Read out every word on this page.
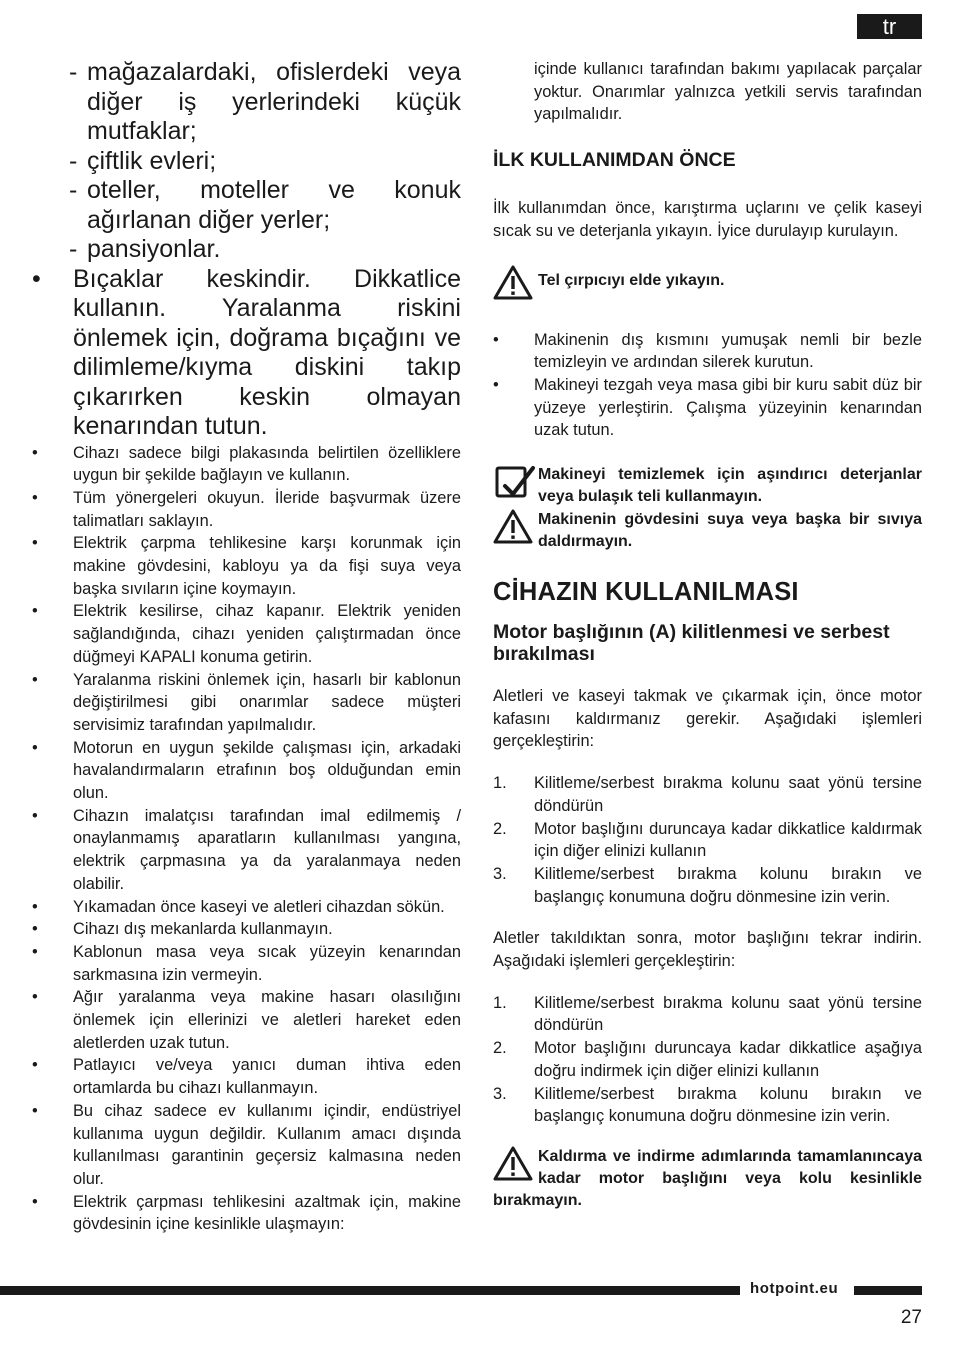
tr
- mağazalardaki, ofislerdeki veya diğer iş yerlerindeki küçük mutfaklar;
- çiftlik evleri;
- oteller, moteller ve konuk ağırlanan diğer yerler;
- pansiyonlar.
•	Bıçaklar keskindir. Dikkatlice kullanın. Yaralanma riskini önlemek için, doğrama bıçağını ve dilimleme/kıyma diskini takıp çıkarırken keskin olmayan kenarından tutun.
•	Cihazı sadece bilgi plakasında belirtilen özelliklere uygun bir şekilde bağlayın ve kullanın.
•	Tüm yönergeleri okuyun. İleride başvurmak üzere talimatları saklayın.
•	Elektrik çarpma tehlikesine karşı korunmak için makine gövdesini, kabloyu ya da fişi suya veya başka sıvıların içine koymayın.
•	Elektrik kesilirse, cihaz kapanır. Elektrik yeniden sağlandığında, cihazı yeniden çalıştırmadan önce düğmeyi KAPALI konuma getirin.
•	Yaralanma riskini önlemek için, hasarlı bir kablonun değiştirilmesi gibi onarımlar sadece müşteri servisimiz tarafından yapılmalıdır.
•	Motorun en uygun şekilde çalışması için, arkadaki havalandırmaların etrafının boş olduğundan emin olun.
•	Cihazın imalatçısı tarafından imal edilmemiş / onaylanmamış aparatların kullanılması yangına, elektrik çarpmasına ya da yaralanmaya neden olabilir.
•	Yıkamadan önce kaseyi ve aletleri cihazdan sökün.
•	Cihazı dış mekanlarda kullanmayın.
•	Kablonun masa veya sıcak yüzeyin kenarından sarkmasına izin vermeyin.
•	Ağır yaralanma veya makine hasarı olasılığını önlemek için ellerinizi ve aletleri hareket eden aletlerden uzak tutun.
•	Patlayıcı ve/veya yanıcı duman ihtiva eden ortamlarda bu cihazı kullanmayın.
•	Bu cihaz sadece ev kullanımı içindir, endüstriyel kullanıma uygun değildir. Kullanım amacı dışında kullanılması garantinin geçersiz kalmasına neden olur.
•	Elektrik çarpması tehlikesini azaltmak için, makine gövdesinin içine kesinlikle ulaşmayın:

içinde kullanıcı tarafından bakımı yapılacak parçalar yoktur. Onarımlar yalnızca yetkili servis tarafından yapılmalıdır.

İLK KULLANIMDAN ÖNCE

İlk kullanımdan önce, karıştırma uçlarını ve çelik kaseyi sıcak su ve deterjanla yıkayın. İyice durulayıp kurulayın.

Tel çırpıcıyı elde yıkayın.
•	Makinenin dış kısmını yumuşak nemli bir bezle temizleyin ve ardından silerek kurutun.
•	Makineyi tezgah veya masa gibi bir kuru sabit düz bir yüzeye yerleştirin. Çalışma yüzeyinin kenarından uzak tutun.
Makineyi temizlemek için aşındırıcı deterjanlar veya bulaşık teli kullanmayın.
Makinenin gövdesini suya veya başka bir sıvıya daldırmayın.
CİHAZIN KULLANILMASI
Motor başlığının (A) kilitlenmesi ve serbest bırakılması

Aletleri ve kaseyi takmak ve çıkarmak için, önce motor kafasını kaldırmanız gerekir. Aşağıdaki işlemleri gerçekleştirin:

1.	Kilitleme/serbest bırakma kolunu saat yönü tersine döndürün
2.	Motor başlığını duruncaya kadar dikkatlice kaldırmak için diğer elinizi kullanın
3.	Kilitleme/serbest bırakma kolunu bırakın ve başlangıç konumuna doğru dönmesine izin verin.

Aletler takıldıktan sonra, motor başlığını tekrar indirin. Aşağıdaki işlemleri gerçekleştirin:

1.	Kilitleme/serbest bırakma kolunu saat yönü tersine döndürün
2.	Motor başlığını duruncaya kadar dikkatlice aşağıya doğru indirmek için diğer elinizi kullanın
3.	Kilitleme/serbest bırakma kolunu bırakın ve başlangıç konumuna doğru dönmesine izin verin.
Kaldırma ve indirme adımlarında tamamlanıncaya kadar motor başlığını veya kolu kesinlikle bırakmayın.
hotpoint.eu
27
